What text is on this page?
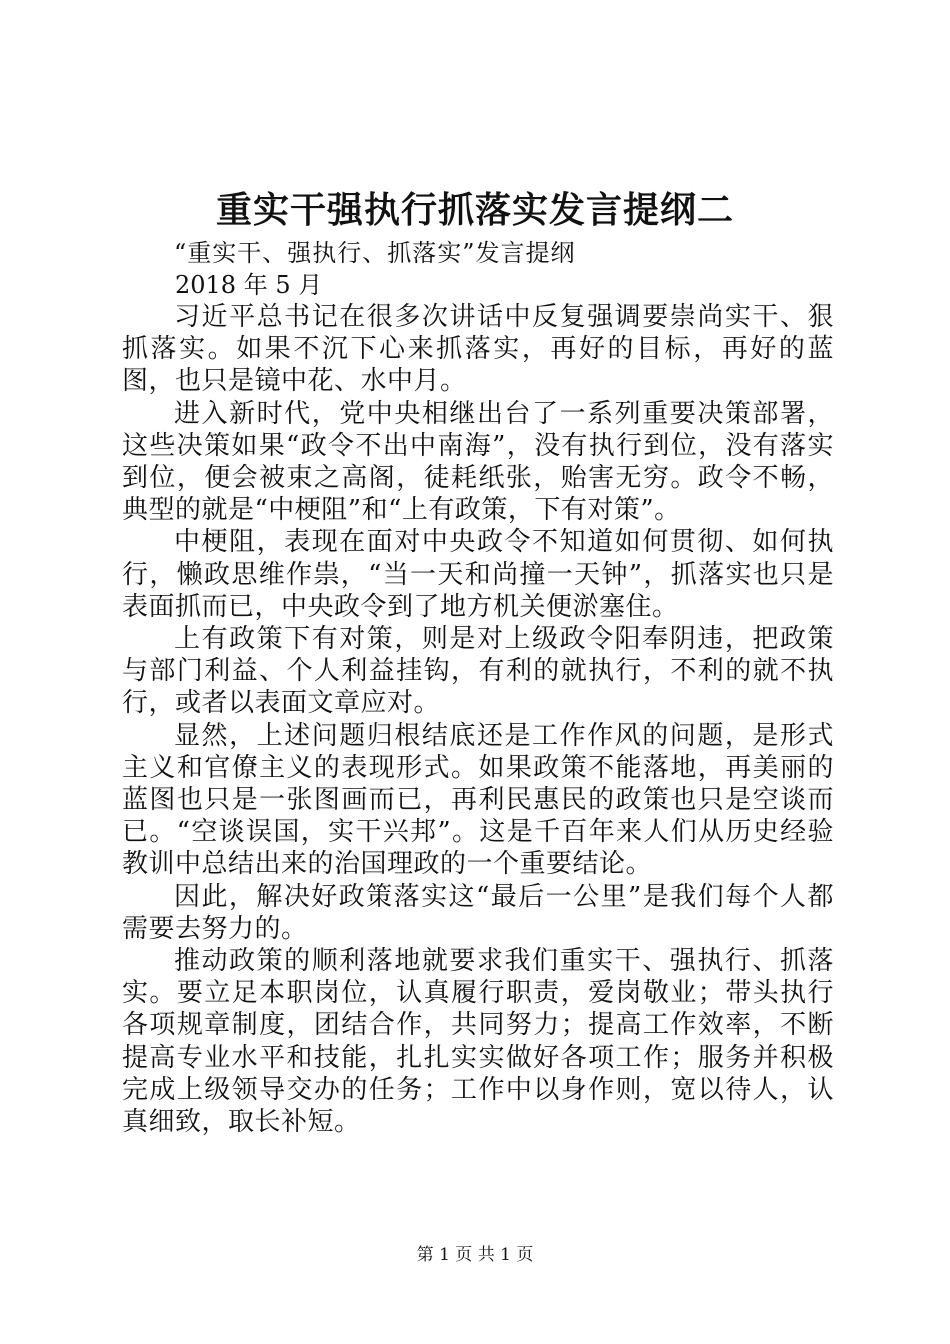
重实干强执行抓落实发言提纲二

“重实干、强执行、抓落实”发言提纲

2018 年 5 月

习近平总书记在很多次讲话中反复强调要崇尚实干、狠抓落实。如果不沉下心来抓落实，再好的目标，再好的蓝图，也只是镜中花、水中月。

进入新时代，党中央相继出台了一系列重要决策部署，这些决策如果“政令不出中南海”，没有执行到位，没有落实到位，便会被束之高阁，徒耗纸张，贻害无穷。政令不畅，典型的就是“中梗阻”和“上有政策，下有对策”。

中梗阻，表现在面对中央政令不知道如何贯彻、如何执行，懒政思维作祟，“当一天和尚撞一天钟”，抓落实也只是表面抓而已，中央政令到了地方机关便淤塞住。

上有政策下有对策，则是对上级政令阳奉阴违，把政策与部门利益、个人利益挂钩，有利的就执行，不利的就不执行，或者以表面文章应对。

显然，上述问题归根结底还是工作作风的问题，是形式主义和官僚主义的表现形式。如果政策不能落地，再美丽的蓝图也只是一张图画而已，再利民惠民的政策也只是空谈而已。“空谈误国，实干兴邦”。这是千百年来人们从历史经验教训中总结出来的治国理政的一个重要结论。

因此，解决好政策落实这“最后一公里”是我们每个人都需要去努力的。

推动政策的顺利落地就要求我们重实干、强执行、抓落实。要立足本职岗位，认真履行职责，爱岗敬业；带头执行各项规章制度，团结合作，共同努力；提高工作效率，不断提高专业水平和技能，扎扎实实做好各项工作；服务并积极完成上级领导交办的任务；工作中以身作则，宽以待人，认真细致，取长补短。

第 1 页 共 1 页
